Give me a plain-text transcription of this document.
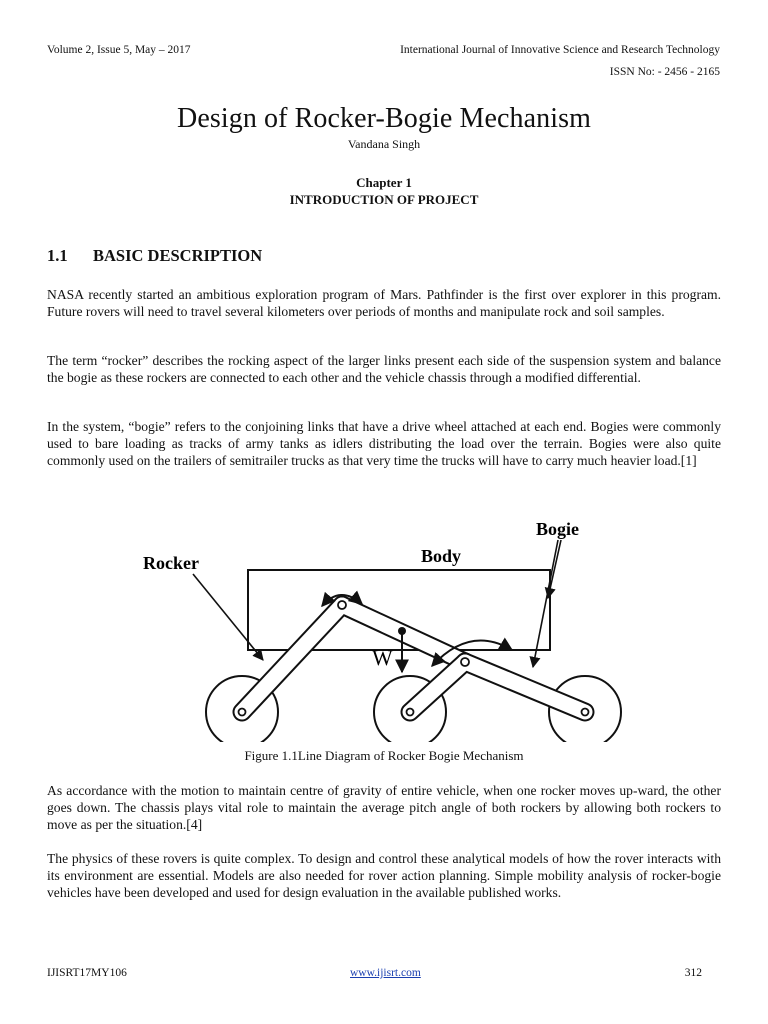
Volume 2, Issue 5, May – 2017	International Journal of Innovative Science and Research Technology
ISSN No: - 2456 - 2165
Design of Rocker-Bogie Mechanism
Vandana Singh
Chapter 1
INTRODUCTION OF PROJECT
1.1 BASIC DESCRIPTION
NASA recently started an ambitious exploration program of Mars. Pathfinder is the first over explorer in this program. Future rovers will need to travel several kilometers over periods of months and manipulate rock and soil samples.
The term “rocker” describes the rocking aspect of the larger links present each side of the suspension system and balance the bogie as these rockers are connected to each other and the vehicle chassis through a modified differential.
In the system, “bogie” refers to the conjoining links that have a drive wheel attached at each end. Bogies were commonly used to bare loading as tracks of army tanks as idlers distributing the load over the terrain. Bogies were also quite commonly used on the trailers of semitrailer trucks as that very time the trucks will have to carry much heavier load.[1]
W
Rocker	Body
Bogie
Figure 1.1Line Diagram of Rocker Bogie Mechanism
As accordance with the motion to maintain centre of gravity of entire vehicle, when one rocker moves up-ward, the other goes down. The chassis plays vital role to maintain the average pitch angle of both rockers by allowing both rockers to move as per the situation.[4]
The physics of these rovers is quite complex. To design and control these analytical models of how the rover interacts with its environment are essential. Models are also needed for rover action planning. Simple mobility analysis of rocker-bogie vehicles have been developed and used for design evaluation in the available published works.
IJISRT17MY106	www.ijisrt.com	312
